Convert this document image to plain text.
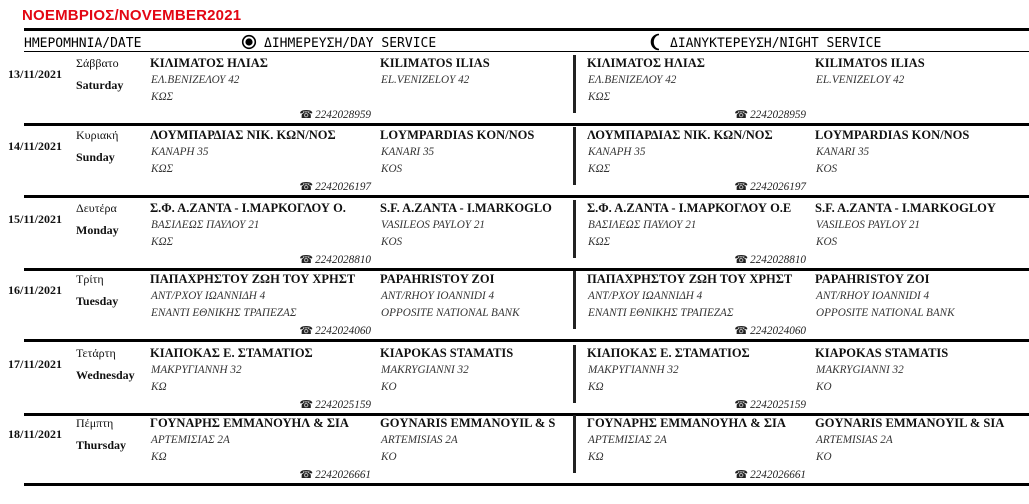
ΝΟΕΜΒΡΙΟΣ/NOVEMBER2021
ΗΜΕΡΟΜΗΝΙΑ/DATE	ΔΙΗΜΕΡΕΥΣΗ/DAY SERVICE	ΔΙΑΝΥΚΤΕΡΕΥΣΗ/NIGHT SERVICE
13/11/2021
Σάββατο
Saturday
ΚΙΛΙΜΑΤΟΣ ΗΛΙΑΣ	KILIMATOS ILIAS
ΕΛ.ΒΕΝΙΖΕΛΟΥ 42	EL.VENIZELOY 42
ΚΩΣ
☎ 2242028959
ΚΙΛΙΜΑΤΟΣ ΗΛΙΑΣ	KILIMATOS ILIAS
ΕΛ.ΒΕΝΙΖΕΛΟΥ 42	EL.VENIZELOY 42
ΚΩΣ
☎ 2242028959
14/11/2021
Κυριακή
Sunday
ΛΟΥΜΠΑΡΔΙΑΣ ΝΙΚ. ΚΩΝ/ΝΟΣ	LOYMPARDIAS KON/NOS
ΚΑΝΑΡΗ 35	KANARI 35
ΚΩΣ	KOS
☎ 2242026197
ΛΟΥΜΠΑΡΔΙΑΣ ΝΙΚ. ΚΩΝ/ΝΟΣ	LOYMPARDIAS KON/NOS
ΚΑΝΑΡΗ 35	KANARI 35
ΚΩΣ	KOS
☎ 2242026197
15/11/2021
Δευτέρα
Monday
Σ.Φ. Α.ΖΑΝΤΑ - Ι.ΜΑΡΚΟΓΛΟΥ Ο.	S.F. A.ZANTA - I.MARKOGLO
ΒΑΣΙΛΕΩΣ ΠΑΥΛΟΥ 21	VASILEOS PAYLOY 21
ΚΩΣ	KOS
☎ 2242028810
Σ.Φ. Α.ΖΑΝΤΑ - Ι.ΜΑΡΚΟΓΛΟΥ Ο.Ε S.F. A.ZANTA - I.MARKOGLOY
ΒΑΣΙΛΕΩΣ ΠΑΥΛΟΥ 21	VASILEOS PAYLOY 21
ΚΩΣ	KOS
☎ 2242028810
16/11/2021
Τρίτη
Tuesday
ΠΑΠΑΧΡΗΣΤΟΥ ΖΩΗ ΤΟΥ ΧΡΗΣΤ PAPAHRISTOY ZOI
ΑΝΤ/ΡΧΟΥ ΙΩΑΝΝΙΔΗ 4	ANT/RHOY IOANNIDI 4
ΕΝΑΝΤΙ ΕΘΝΙΚΗΣ ΤΡΑΠΕΖΑΣ	OPPOSITE NATIONAL BANK
☎ 2242024060
ΠΑΠΑΧΡΗΣΤΟΥ ΖΩΗ ΤΟΥ ΧΡΗΣΤ PAPAHRISTOY ZOI
ΑΝΤ/ΡΧΟΥ ΙΩΑΝΝΙΔΗ 4	ANT/RHOY IOANNIDI 4
ΕΝΑΝΤΙ ΕΘΝΙΚΗΣ ΤΡΑΠΕΖΑΣ	OPPOSITE NATIONAL BANK
☎ 2242024060
17/11/2021
Τετάρτη
Wednesday
ΚΙΑΠΟΚΑΣ Ε. ΣΤΑΜΑΤΙΟΣ	KIAPOKAS STAMATIS
ΜΑΚΡΥΓΙΑΝΝΗ 32	MAKRYGIANNI 32
ΚΩ	KO
☎ 2242025159
ΚΙΑΠΟΚΑΣ Ε. ΣΤΑΜΑΤΙΟΣ	KIAPOKAS STAMATIS
ΜΑΚΡΥΓΙΑΝΝΗ 32	MAKRYGIANNI 32
ΚΩ	KO
☎ 2242025159
18/11/2021
Πέμπτη
Thursday
ΓΟΥΝΑΡΗΣ ΕΜΜΑΝΟΥΗΛ & ΣΙΑ GOYNARIS EMMANOYIL & S
ΑΡΤΕΜΙΣΙΑΣ 2Α	ARTEMISIAS 2A
ΚΩ	KO
☎ 2242026661
ΓΟΥΝΑΡΗΣ ΕΜΜΑΝΟΥΗΛ & ΣΙΑ GOYNARIS EMMANOYIL & SIA
ΑΡΤΕΜΙΣΙΑΣ 2Α	ARTEMISIAS 2A
ΚΩ	KO
☎ 2242026661
